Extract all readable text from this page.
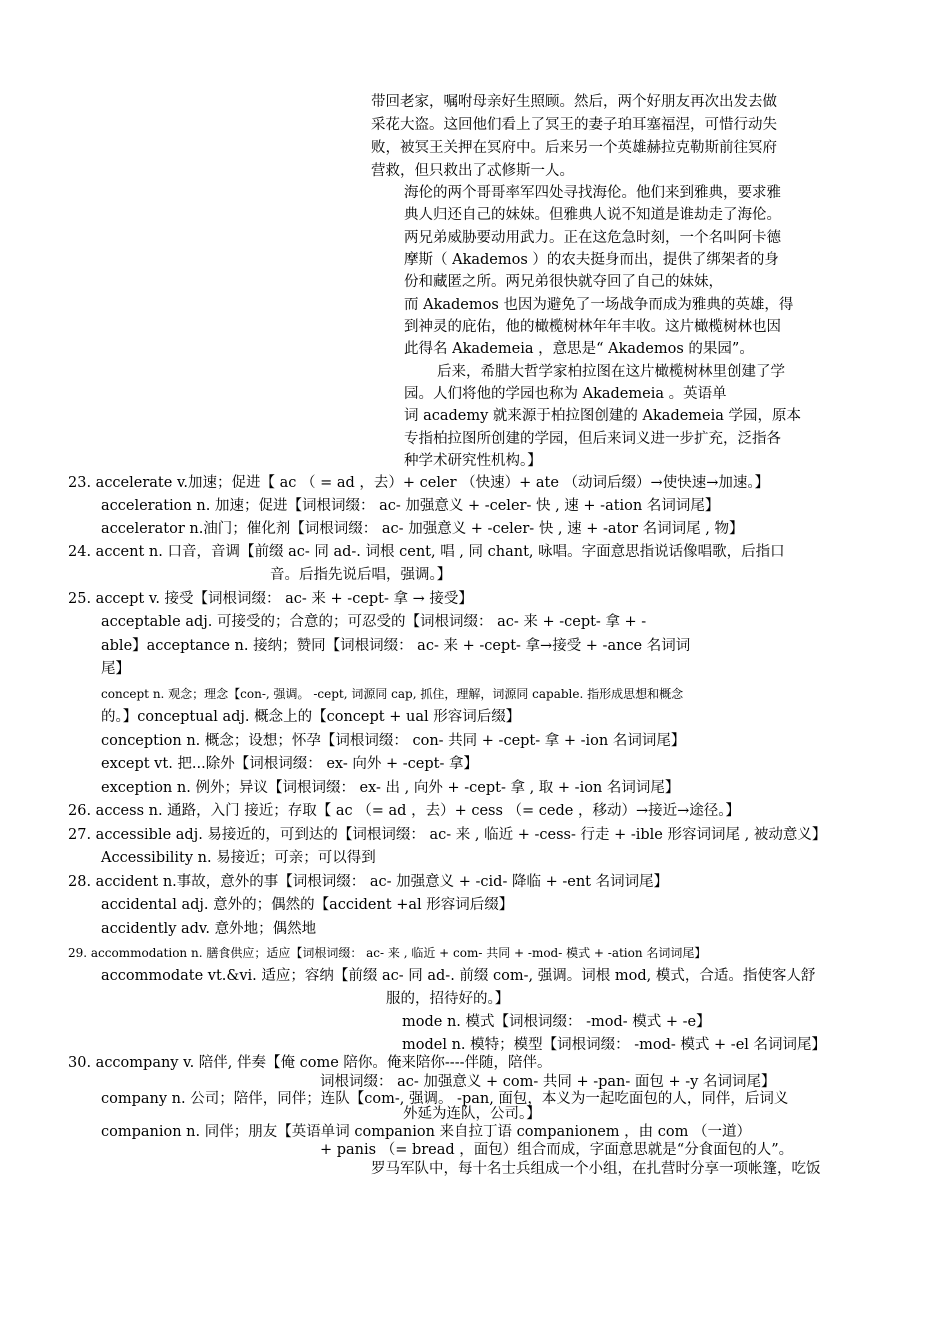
带回老家，嘱咐母亲好生照顾。然后，两个好朋友再次出发去做
采花大盗。这回他们看上了冥王的妻子珀耳塞福涅，可惜行动失
败，被冥王关押在冥府中。后来另一个英雄赫拉克勒斯前往冥府
营救，但只救出了忒修斯一人。
海伦的两个哥哥率军四处寻找海伦。他们来到雅典，要求雅
典人归还自己的妹妹。但雅典人说不知道是谁劫走了海伦。
两兄弟威胁要动用武力。正在这危急时刻，一个名叫阿卡德
摩斯（ Akademos ）的农夫挺身而出，提供了绑架者的身
份和藏匿之所。两兄弟很快就夺回了自己的妹妹，
而 Akademos 也因为避免了一场战争而成为雅典的英雄，得
到神灵的庇佑，他的橄榄树林年年丰收。这片橄榄树林也因
此得名 Akademeia ，意思是“ Akademos 的果园”。
后来，希腊大哲学家柏拉图在这片橄榄树林里创建了学
园。人们将他的学园也称为 Akademeia 。英语单
词 academy 就来源于柏拉图创建的 Akademeia 学园，原本
专指柏拉图所创建的学园，但后来词义进一步扩充，泛指各
种学术研究性机构。】
23. accelerate v.加速；促进【 ac （ = ad ，去）+ celer （快速）+ ate （动词后缀）→使快速→加速。】
acceleration n. 加速；促进【词根词缀： ac- 加强意义 + -celer- 快 , 速 + -ation 名词词尾】
accelerator n.油门；催化剂【词根词缀： ac- 加强意义 + -celer- 快 , 速 + -ator 名词词尾 , 物】
24. accent n. 口音，音调【前缀 ac- 同 ad-. 词根 cent, 唱 , 同 chant, 咏唱。字面意思指说话像唱歌，后指口
音。后指先说后唱，强调。】
25. accept v. 接受【词根词缀： ac- 来 + -cept- 拿 → 接受】
acceptable adj. 可接受的；合意的；可忍受的【词根词缀： ac- 来 + -cept- 拿 + -
able】acceptance n. 接纳；赞同【词根词缀： ac- 来 + -cept- 拿→接受 + -ance 名词词
尾】
concept n. 观念；理念【con-, 强调。 -cept, 词源同 cap, 抓住，理解，词源同 capable. 指形成思想和概念
的。】conceptual adj. 概念上的【concept + ual 形容词后缀】
conception n. 概念；设想；怀孕【词根词缀： con- 共同 + -cept- 拿 + -ion 名词词尾】
except vt. 把...除外【词根词缀： ex- 向外 + -cept- 拿】
exception n. 例外；异议【词根词缀： ex- 出 , 向外 + -cept- 拿 , 取 + -ion 名词词尾】
26. access n. 通路，入门 接近；存取【 ac （= ad ，去）+ cess （= cede ，移动）→接近→途径。】
27. accessible adj. 易接近的，可到达的【词根词缀： ac- 来 , 临近 + -cess- 行走 + -ible 形容词词尾 , 被动意义】
Accessibility n. 易接近；可亲；可以得到
28. accident n.事故，意外的事【词根词缀： ac- 加强意义 + -cid- 降临 + -ent 名词词尾】
accidental adj. 意外的；偶然的【accident +al 形容词后缀】
accidently adv. 意外地；偶然地
29. accommodation n. 膳食供应；适应【词根词缀： ac- 来 , 临近 + com- 共同 + -mod- 模式 + -ation 名词词尾】
accommodate vt.&vi. 适应；容纳【前缀 ac- 同 ad-. 前缀 com-, 强调。词根 mod, 模式，合适。指使客人舒
服的，招待好的。】
mode n. 模式【词根词缀： -mod- 模式 + -e】
model n. 模特；模型【词根词缀： -mod- 模式 + -el 名词词尾】
30. accompany v. 陪伴, 伴奏【俺 come 陪你。俺来陪你----伴随，陪伴。
词根词缀： ac- 加强意义 + com- 共同 + -pan- 面包 + -y 名词词尾】
company n. 公司；陪伴，同伴；连队【com-, 强调。 -pan, 面包，本义为一起吃面包的人，同伴，后词义
外延为连队，公司。】
companion n. 同伴；朋友【英语单词 companion 来自拉丁语 companionem ，由 com （一道）
+ panis （= bread ，面包）组合而成，字面意思就是“分食面包的人”。
罗马军队中，每十名士兵组成一个小组，在扎营时分享一项帐篷，吃饭
